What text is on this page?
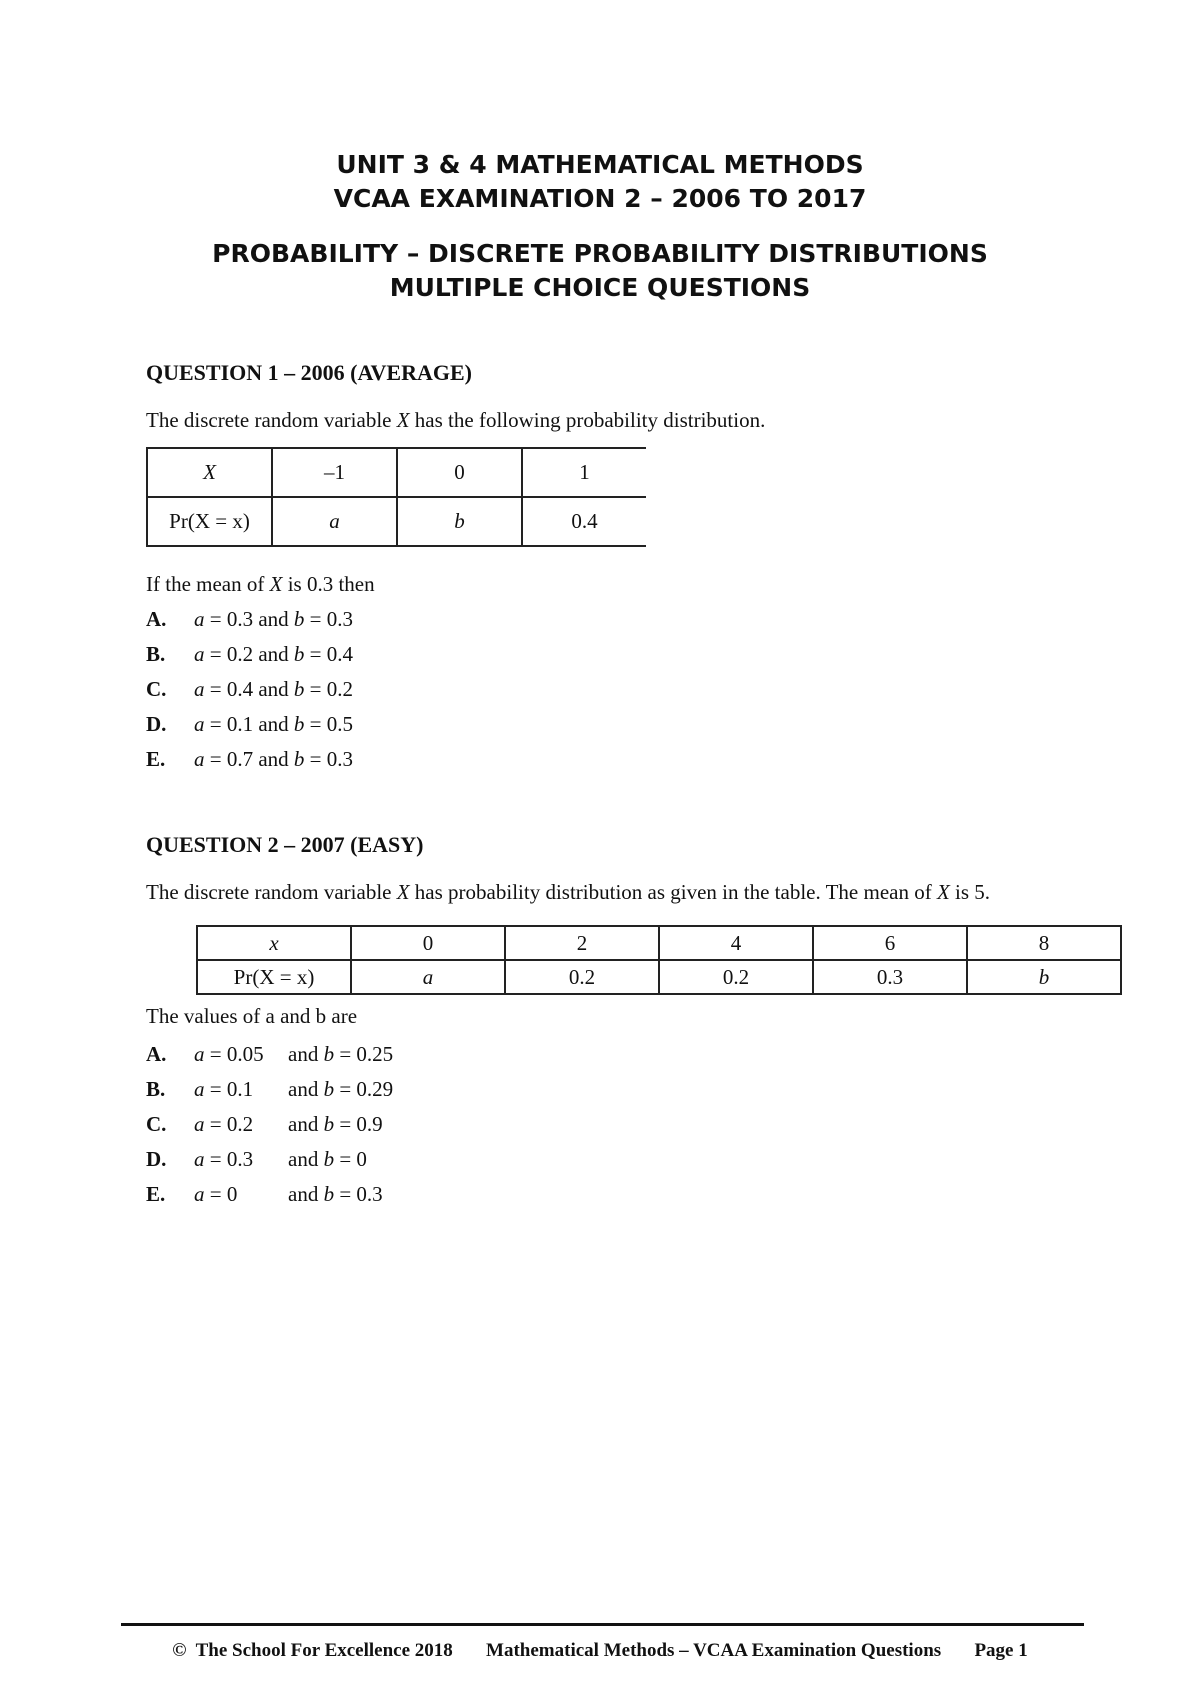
UNIT 3 & 4 MATHEMATICAL METHODS
VCAA EXAMINATION 2 – 2006 TO 2017
PROBABILITY – DISCRETE PROBABILITY DISTRIBUTIONS
MULTIPLE CHOICE QUESTIONS
QUESTION 1 – 2006 (AVERAGE)
The discrete random variable X has the following probability distribution.
X	–1	0	1
Pr(X = x)	a	b	0.4
If the mean of X is 0.3 then
A. a = 0.3 and b = 0.3
B. a = 0.2 and b = 0.4
C. a = 0.4 and b = 0.2
D. a = 0.1 and b = 0.5
E. a = 0.7 and b = 0.3
QUESTION 2 – 2007 (EASY)
The discrete random variable X has probability distribution as given in the table. The mean of X is 5.
x	0	2	4	6	8
Pr(X = x)	a	0.2	0.2	0.3	b
The values of a and b are
A. a = 0.05 and b = 0.25
B. a = 0.1 and b = 0.29
C. a = 0.2 and b = 0.9
D. a = 0.3 and b = 0
E. a = 0 and b = 0.3
©  The School For Excellence 2018 Mathematical Methods – VCAA Examination Questions Page 1
